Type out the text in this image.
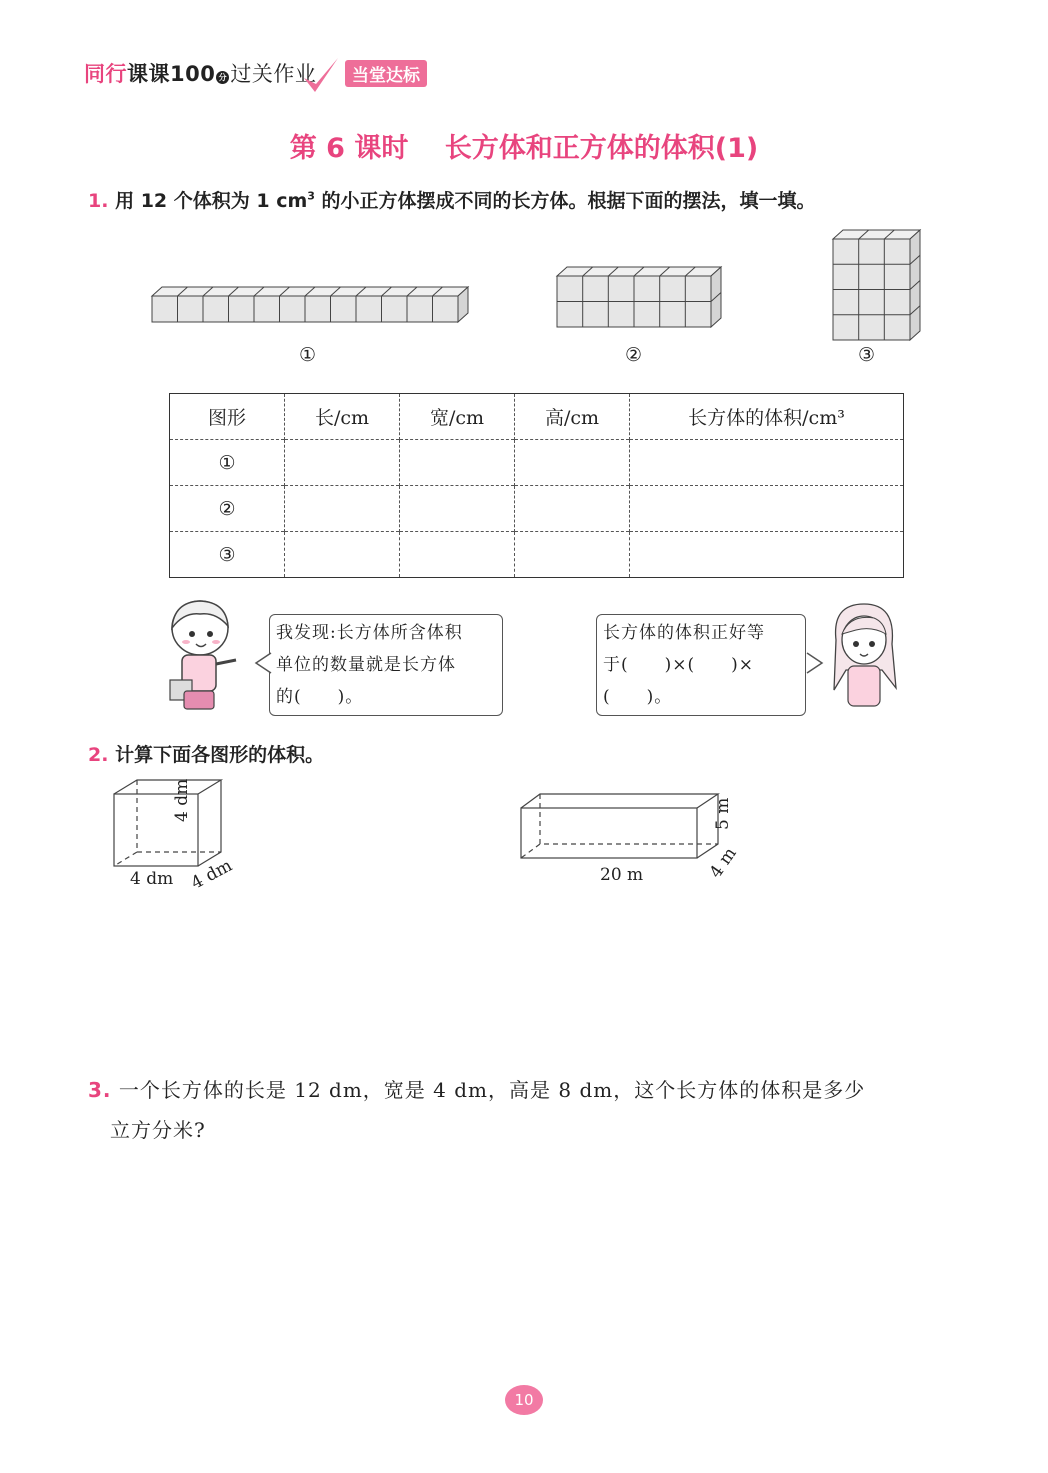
同行课课100 分 过关作业	当堂达标
第 6 课时　 长方体和正方体的体积(1)
1. 用 12 个体积为 1 $cm^3$ 的小正方体摆成不同的长方体。根据下面的摆法，填一填。
①	②	③
图形	长/cm	宽/cm	高/cm	长方体的体积/cm³
①				
②				
③				
我发现:长方体所含体积
单位的数量就是长方体
的(　　)。
长方体的体积正好等
于(　　)×(　　)×
(　　)。
2. 计算下面各图形的体积。
4 dm
4 dm 4 dm	20 m	4 m
5 m
3. 一个长方体的长是 12 dm，宽是 4 dm，高是 8 dm，这个长方体的体积是多少
立方分米?
10
